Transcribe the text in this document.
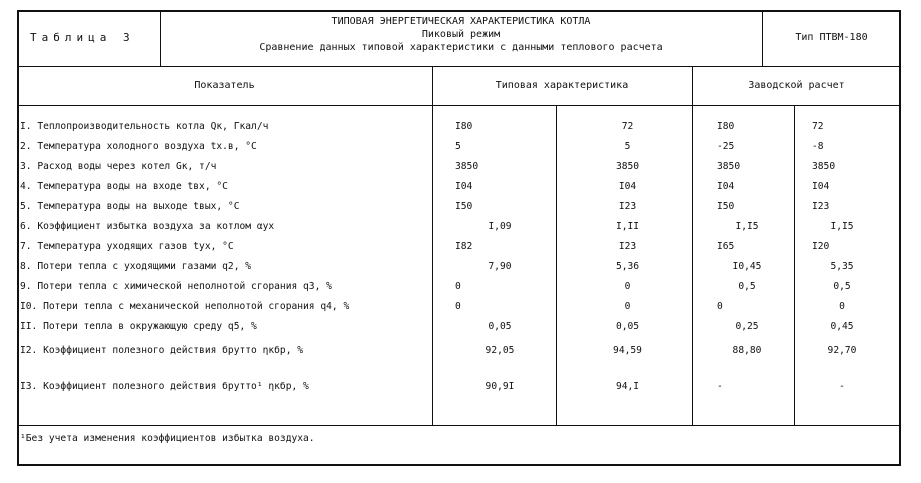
Таблица 3
ТИПОВАЯ ЭНЕРГЕТИЧЕСКАЯ ХАРАКТЕРИСТИКА КОТЛА
Пиковый режим
Сравнение данных типовой характеристики с данными теплового расчета
Тип ПТВМ-180
Показатель	Типовая характеристика	Заводской расчет
I. Теплопроизводительность котла Qк, Гкал/ч	I80	72	I80	72
2. Температура холодного воздуха tх.в, °С	5	5	-25	-8
3. Расход воды через котел Gк, т/ч	3850	3850	3850	3850
4. Температура воды на входе tвх, °С	I04	I04	I04	I04
5. Температура воды на выходе tвых, °С	I50	I23	I50	I23
6. Коэффициент избытка воздуха за котлом αух	I,09	I,II	I,I5	I,I5
7. Температура уходящих газов tух, °С	I82	I23	I65	I20
8. Потери тепла с уходящими газами q2, %	7,90	5,36	I0,45	5,35
9. Потери тепла с химической неполнотой сгорания q3, %	0	0	0,5	0,5
I0. Потери тепла с механической неполнотой сгорания q4, %	0	0	0	0
II. Потери тепла в окружающую среду q5, %	0,05	0,05	0,25	0,45
I2. Коэффициент полезного действия брутто ηкбр, %	92,05	94,59	88,80	92,70
I3. Коэффициент полезного действия брутто¹ ηкбр, %	90,9I	94,I	-	-
¹Без учета изменения коэффициентов избытка воздуха.
